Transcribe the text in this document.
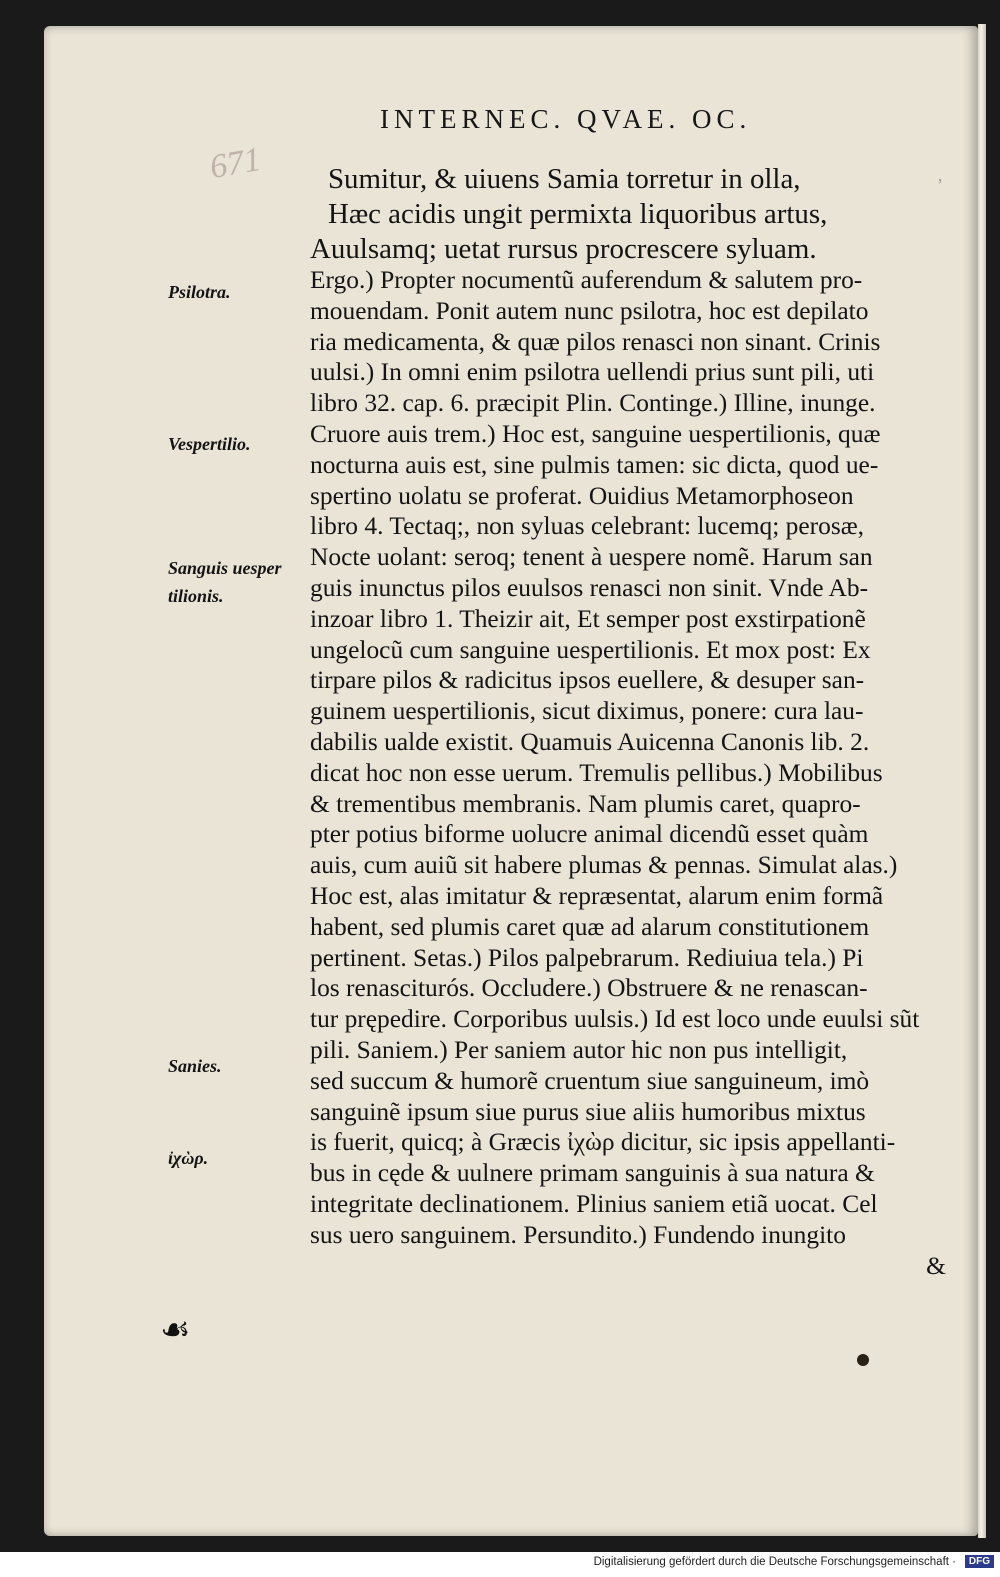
INTERNEC. QVAE. OC.
671	ʼ
Sumitur, & uiuens Samia torretur in olla,
Hæc acidis ungit permixta liquoribus artus,
Auulsamq; uetat rursus procrescere syluam.
Ergo.) Propter nocumentũ auferendum & salutem pro-
mouendam. Ponit autem nunc psilotra, hoc est depilato
ria medicamenta, & quæ pilos renasci non sinant. Crinis
uulsi.) In omni enim psilotra uellendi prius sunt pili, uti
libro 32. cap. 6. præcipit Plin. Continge.) Illine, inunge.
Cruore auis trem.) Hoc est, sanguine uespertilionis, quæ
nocturna auis est, sine pulmis tamen: sic dicta, quod ue-
spertino uolatu se proferat. Ouidius Metamorphoseon
libro 4. Tectaq;, non syluas celebrant: lucemq; perosæ,
Nocte uolant: seroq; tenent à uespere nomẽ. Harum san
guis inunctus pilos euulsos renasci non sinit. Vnde Ab-
inzoar libro 1. Theizir ait, Et semper post exstirpationẽ
ungelocũ cum sanguine uespertilionis. Et mox post: Ex
tirpare pilos & radicitus ipsos euellere, & desuper san-
guinem uespertilionis, sicut diximus, ponere: cura lau-
dabilis ualde existit. Quamuis Auicenna Canonis lib. 2.
dicat hoc non esse uerum. Tremulis pellibus.) Mobilibus
& trementibus membranis. Nam plumis caret, quapro-
pter potius biforme uolucre animal dicendũ esset quàm
auis, cum auiũ sit habere plumas & pennas. Simulat alas.)
Hoc est, alas imitatur & repræsentat, alarum enim formã
habent, sed plumis caret quæ ad alarum constitutionem
pertinent. Setas.) Pilos palpebrarum. Rediuiua tela.) Pi
los renasciturós. Occludere.) Obstruere & ne renascan-
tur prępedire. Corporibus uulsis.) Id est loco unde euulsi sũt
pili. Saniem.) Per saniem autor hic non pus intelligit,
sed succum & humorẽ cruentum siue sanguineum, imò
sanguinẽ ipsum siue purus siue aliis humoribus mixtus
is fuerit, quicq; à Græcis ἰχὼρ dicitur, sic ipsis appellanti-
bus in cęde & uulnere primam sanguinis à sua natura &
integritate declinationem. Plinius saniem etiã uocat. Cel
sus uero sanguinem. Persundito.) Fundendo inungito
&
Psilotra.
Vespertilio.
Sanguis uesper
tilionis.
Sanies.
ἰχὼρ.
☙
Digitalisierung gefördert durch die Deutsche Forschungsgemeinschaft ·	DFG
